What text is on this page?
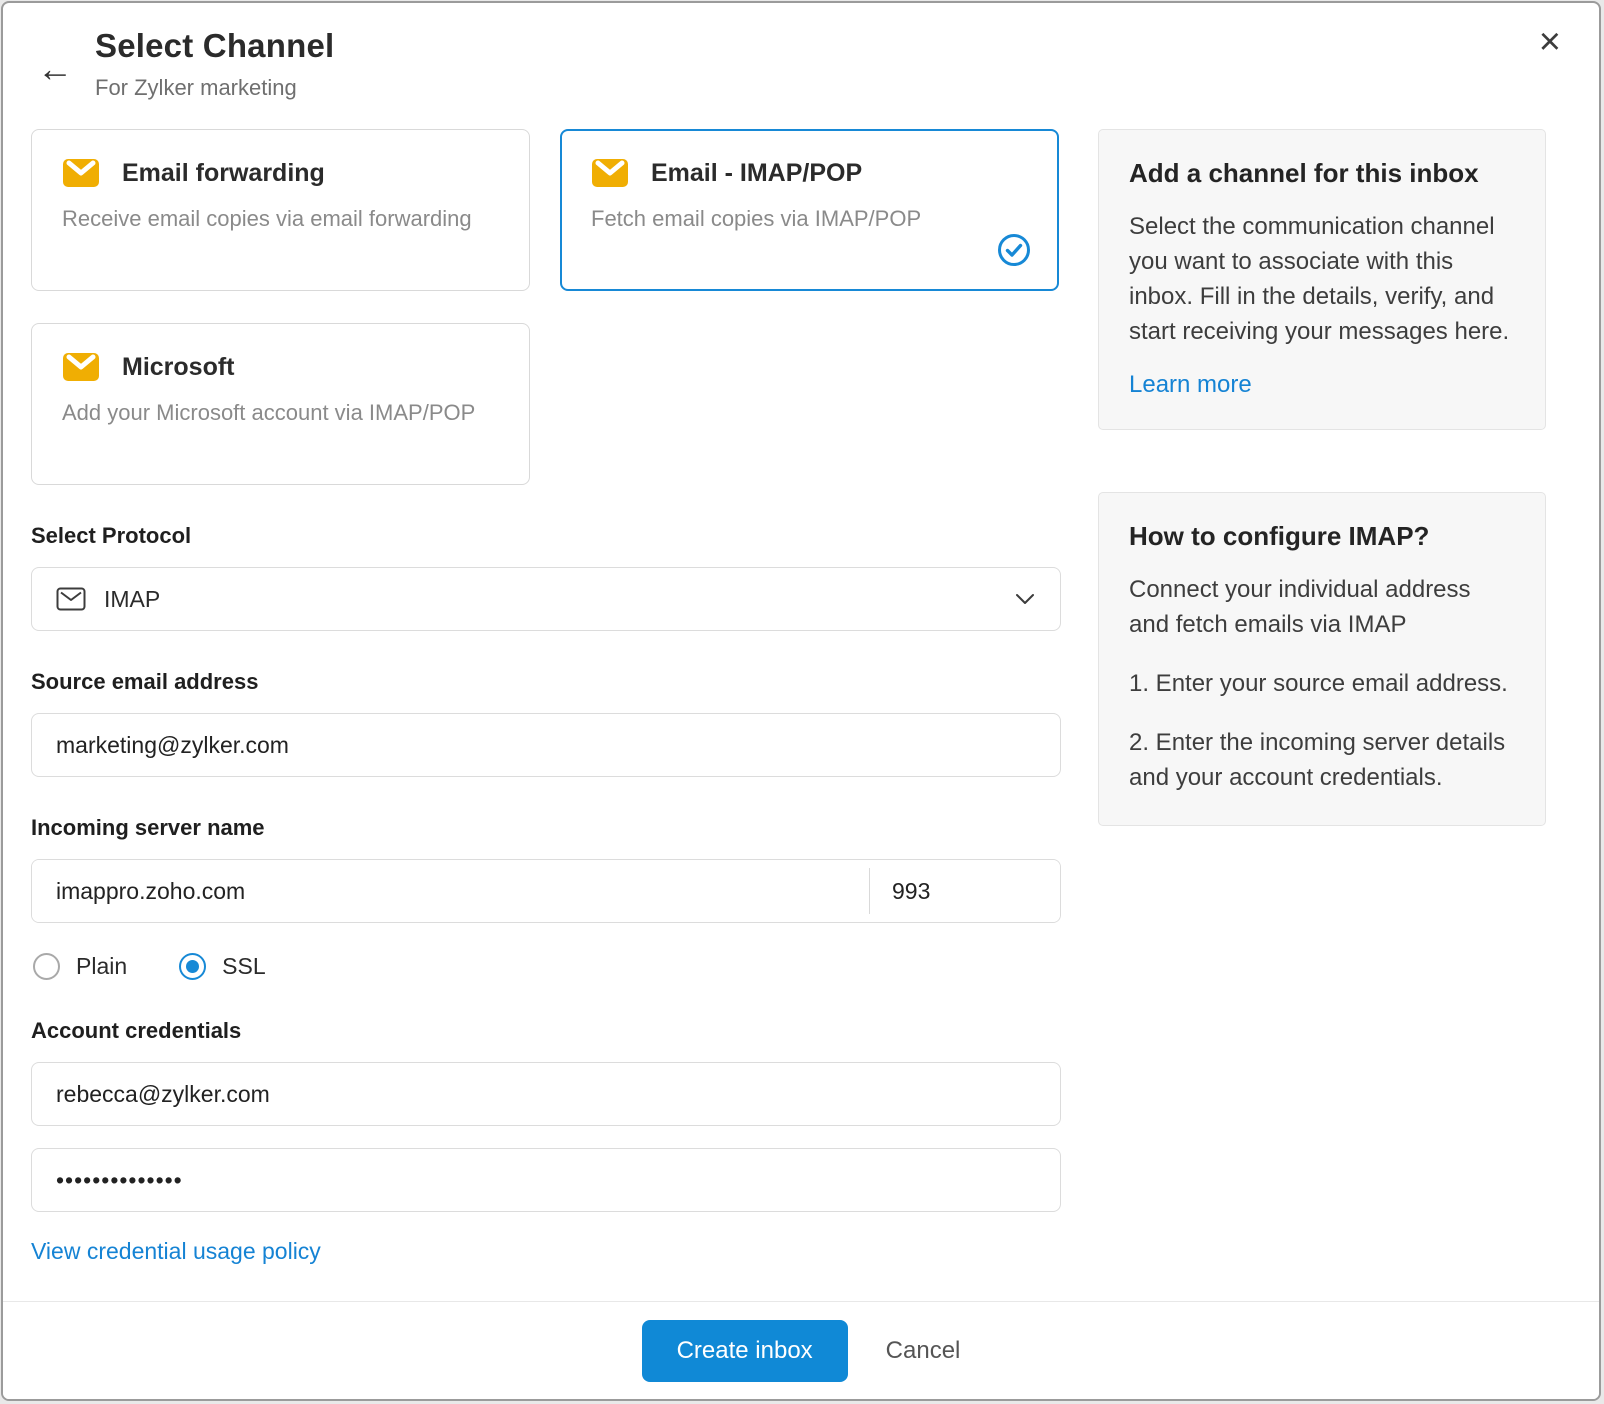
←
Select Channel
For Zylker marketing
×
Email forwarding
Receive email copies via email forwarding
Email - IMAP/POP
Fetch email copies via IMAP/POP
Microsoft
Add your Microsoft account via IMAP/POP
Select Protocol
IMAP
Source email address
marketing@zylker.com
Incoming server name
imappro.zoho.com
993
Plain	SSL
Account credentials
rebecca@zylker.com ••••••••••••••
View credential usage policy
Add a channel for this inbox
Select the communication channel you want to associate with this inbox. Fill in the details, verify, and start receiving your messages here.
Learn more
How to configure IMAP?
Connect your individual address and fetch emails via IMAP
1. Enter your source email address.
2. Enter the incoming server details and your account credentials.
Create inbox	Cancel
